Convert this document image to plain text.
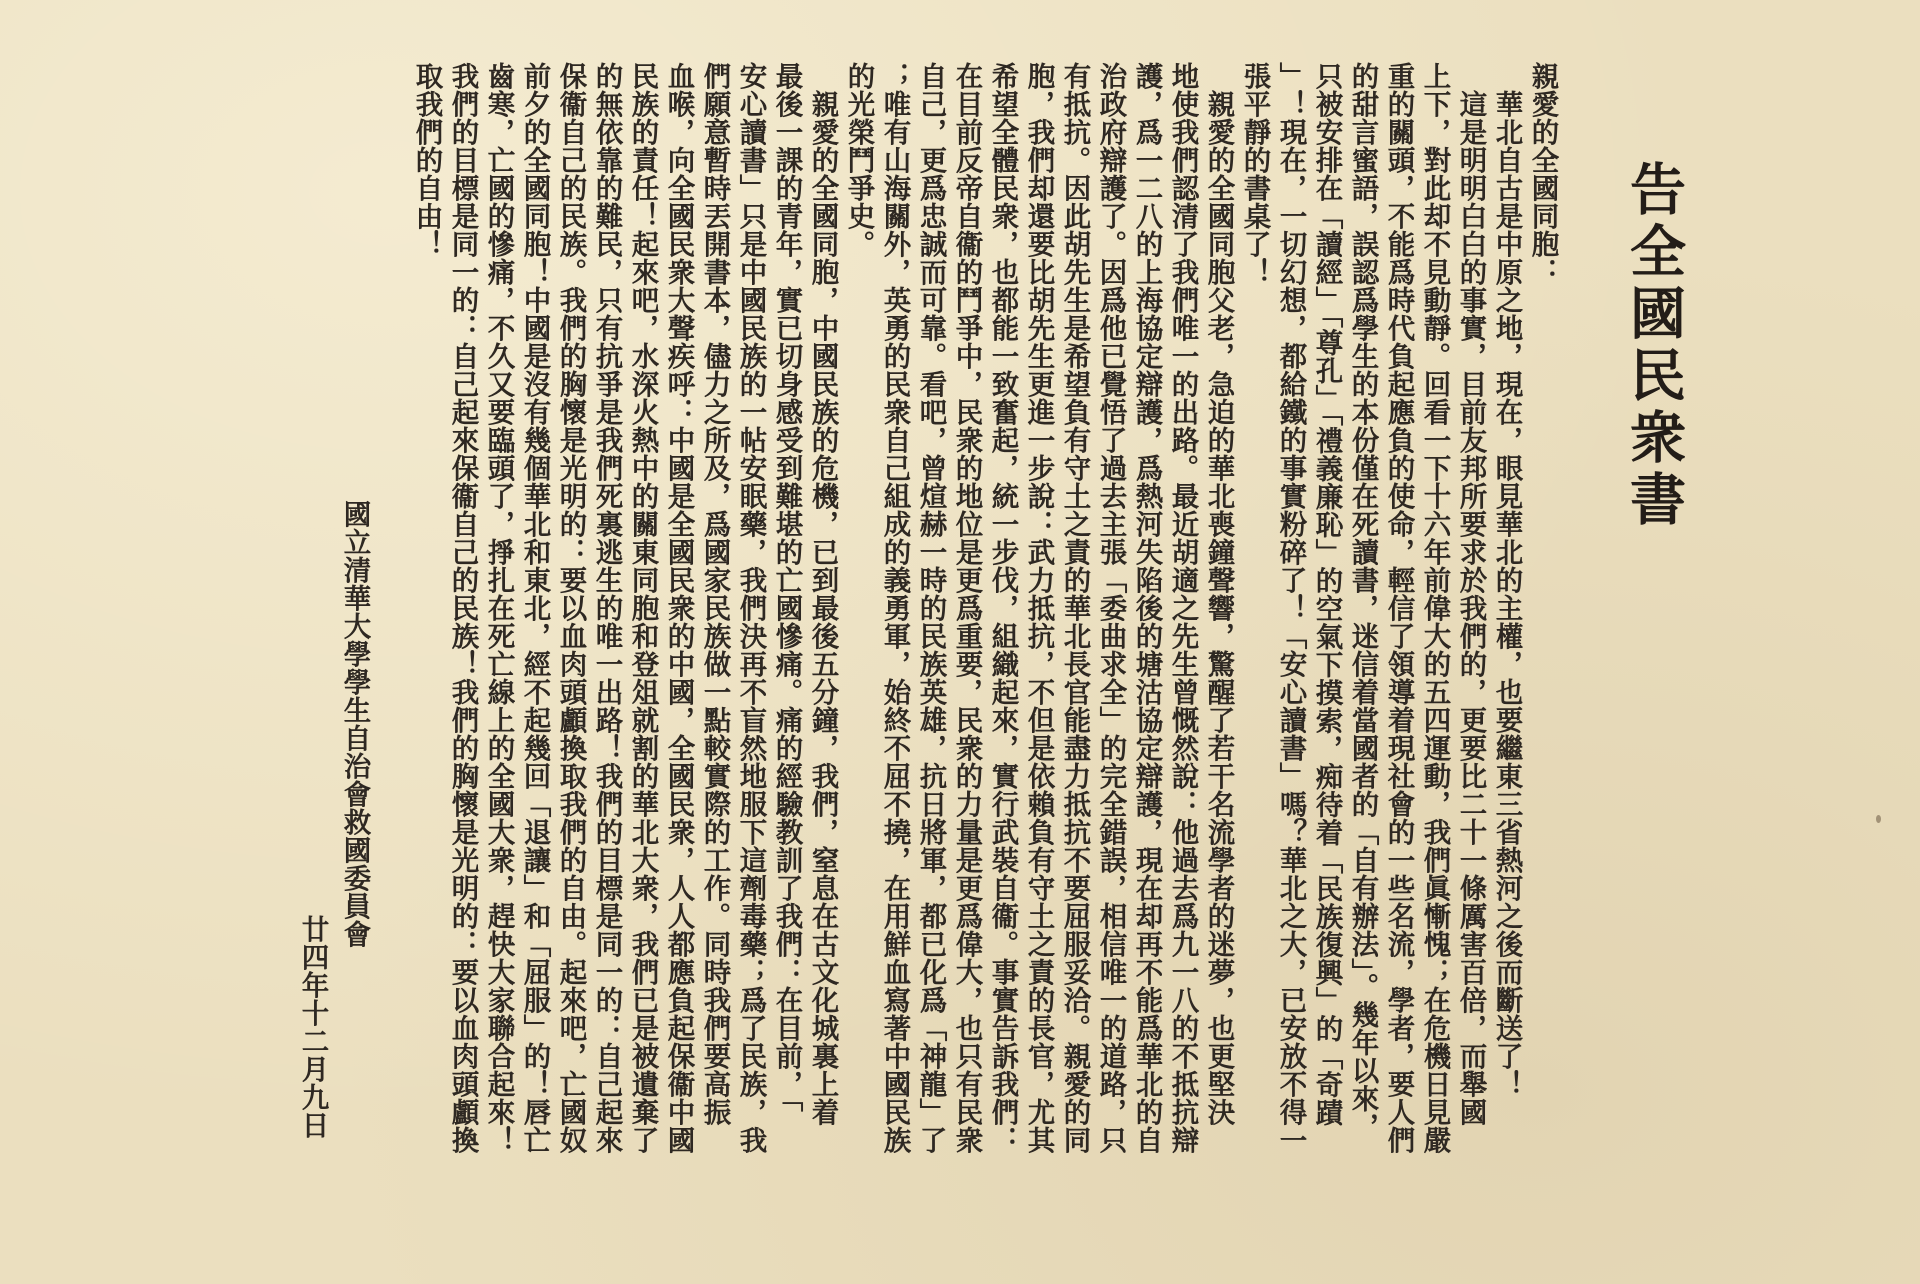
告全國民衆書
親愛的全國同胞：
　華北自古是中原之地，現在，眼見華北的主權，也要繼東三省熱河之後而斷送了！
　這是明明白白的事實，目前友邦所要求於我們的，更要比二十一條厲害百倍，而舉國
上下，對此却不見動靜。回看一下十六年前偉大的五四運動，我們眞慚愧；在危機日見嚴
重的關頭，不能爲時代負起應負的使命，輕信了領導着現社會的一些名流，學者，要人們
的甜言蜜語，誤認爲學生的本份僅在死讀書，迷信着當國者的「自有辦法」。幾年以來，
只被安排在「讀經」「尊孔」「禮義廉恥」的空氣下摸索，痴待着「民族復興」的「奇蹟
」！現在，一切幻想，都給鐵的事實粉碎了！「安心讀書」嗎？華北之大，已安放不得一
張平靜的書桌了！
　親愛的全國同胞父老，急迫的華北喪鐘聲響，驚醒了若干名流學者的迷夢，也更堅決
地使我們認清了我們唯一的出路。最近胡適之先生曾慨然說：他過去爲九一八的不抵抗辯
護，爲一二八的上海協定辯護，爲熱河失陷後的塘沽協定辯護，現在却再不能爲華北的自
治政府辯護了。因爲他已覺悟了過去主張「委曲求全」的完全錯誤，相信唯一的道路，只
有抵抗。因此胡先生是希望負有守土之責的華北長官能盡力抵抗不要屈服妥洽。親愛的同
胞，我們却還要比胡先生更進一步說：武力抵抗，不但是依賴負有守土之責的長官，尤其
希望全體民衆，也都能一致奮起，統一步伐，組織起來，實行武裝自衞。事實告訴我們：
在目前反帝自衞的鬥爭中，民衆的地位是更爲重要，民衆的力量是更爲偉大，也只有民衆
自己，更爲忠誠而可靠。看吧，曾煊赫一時的民族英雄，抗日將軍，都已化爲「神龍」了
；唯有山海關外，英勇的民衆自己組成的義勇軍，始終不屈不撓，在用鮮血寫著中國民族
的光榮鬥爭史。
　親愛的全國同胞，中國民族的危機，已到最後五分鐘，我們，窒息在古文化城裏上着
最後一課的青年，實已切身感受到難堪的亡國慘痛。痛的經驗教訓了我們：在目前，「
安心讀書」只是中國民族的一帖安眠藥，我們決再不盲然地服下這劑毒藥；爲了民族，我
們願意暫時丟開書本，儘力之所及，爲國家民族做一點較實際的工作。同時我們要高振
血喉，向全國民衆大聲疾呼：中國是全國民衆的中國，全國民衆，人人都應負起保衞中國
民族的責任！起來吧，水深火熱中的關東同胞和登俎就割的華北大衆，我們已是被遺棄了
的無依靠的難民，只有抗爭是我們死裏逃生的唯一出路！我們的目標是同一的：自己起來
保衞自己的民族。我們的胸懷是光明的：要以血肉頭顱換取我們的自由。起來吧，亡國奴
前夕的全國同胞！中國是沒有幾個華北和東北，經不起幾回「退讓」和「屈服」的！唇亡
齒寒，亡國的慘痛，不久又要臨頭了，掙扎在死亡線上的全國大衆，趕快大家聯合起來！
我們的目標是同一的：自己起來保衞自己的民族！我們的胸懷是光明的：要以血肉頭顱換
取我們的自由！
國立清華大學學生自治會救國委員會
廿四年十二月九日
